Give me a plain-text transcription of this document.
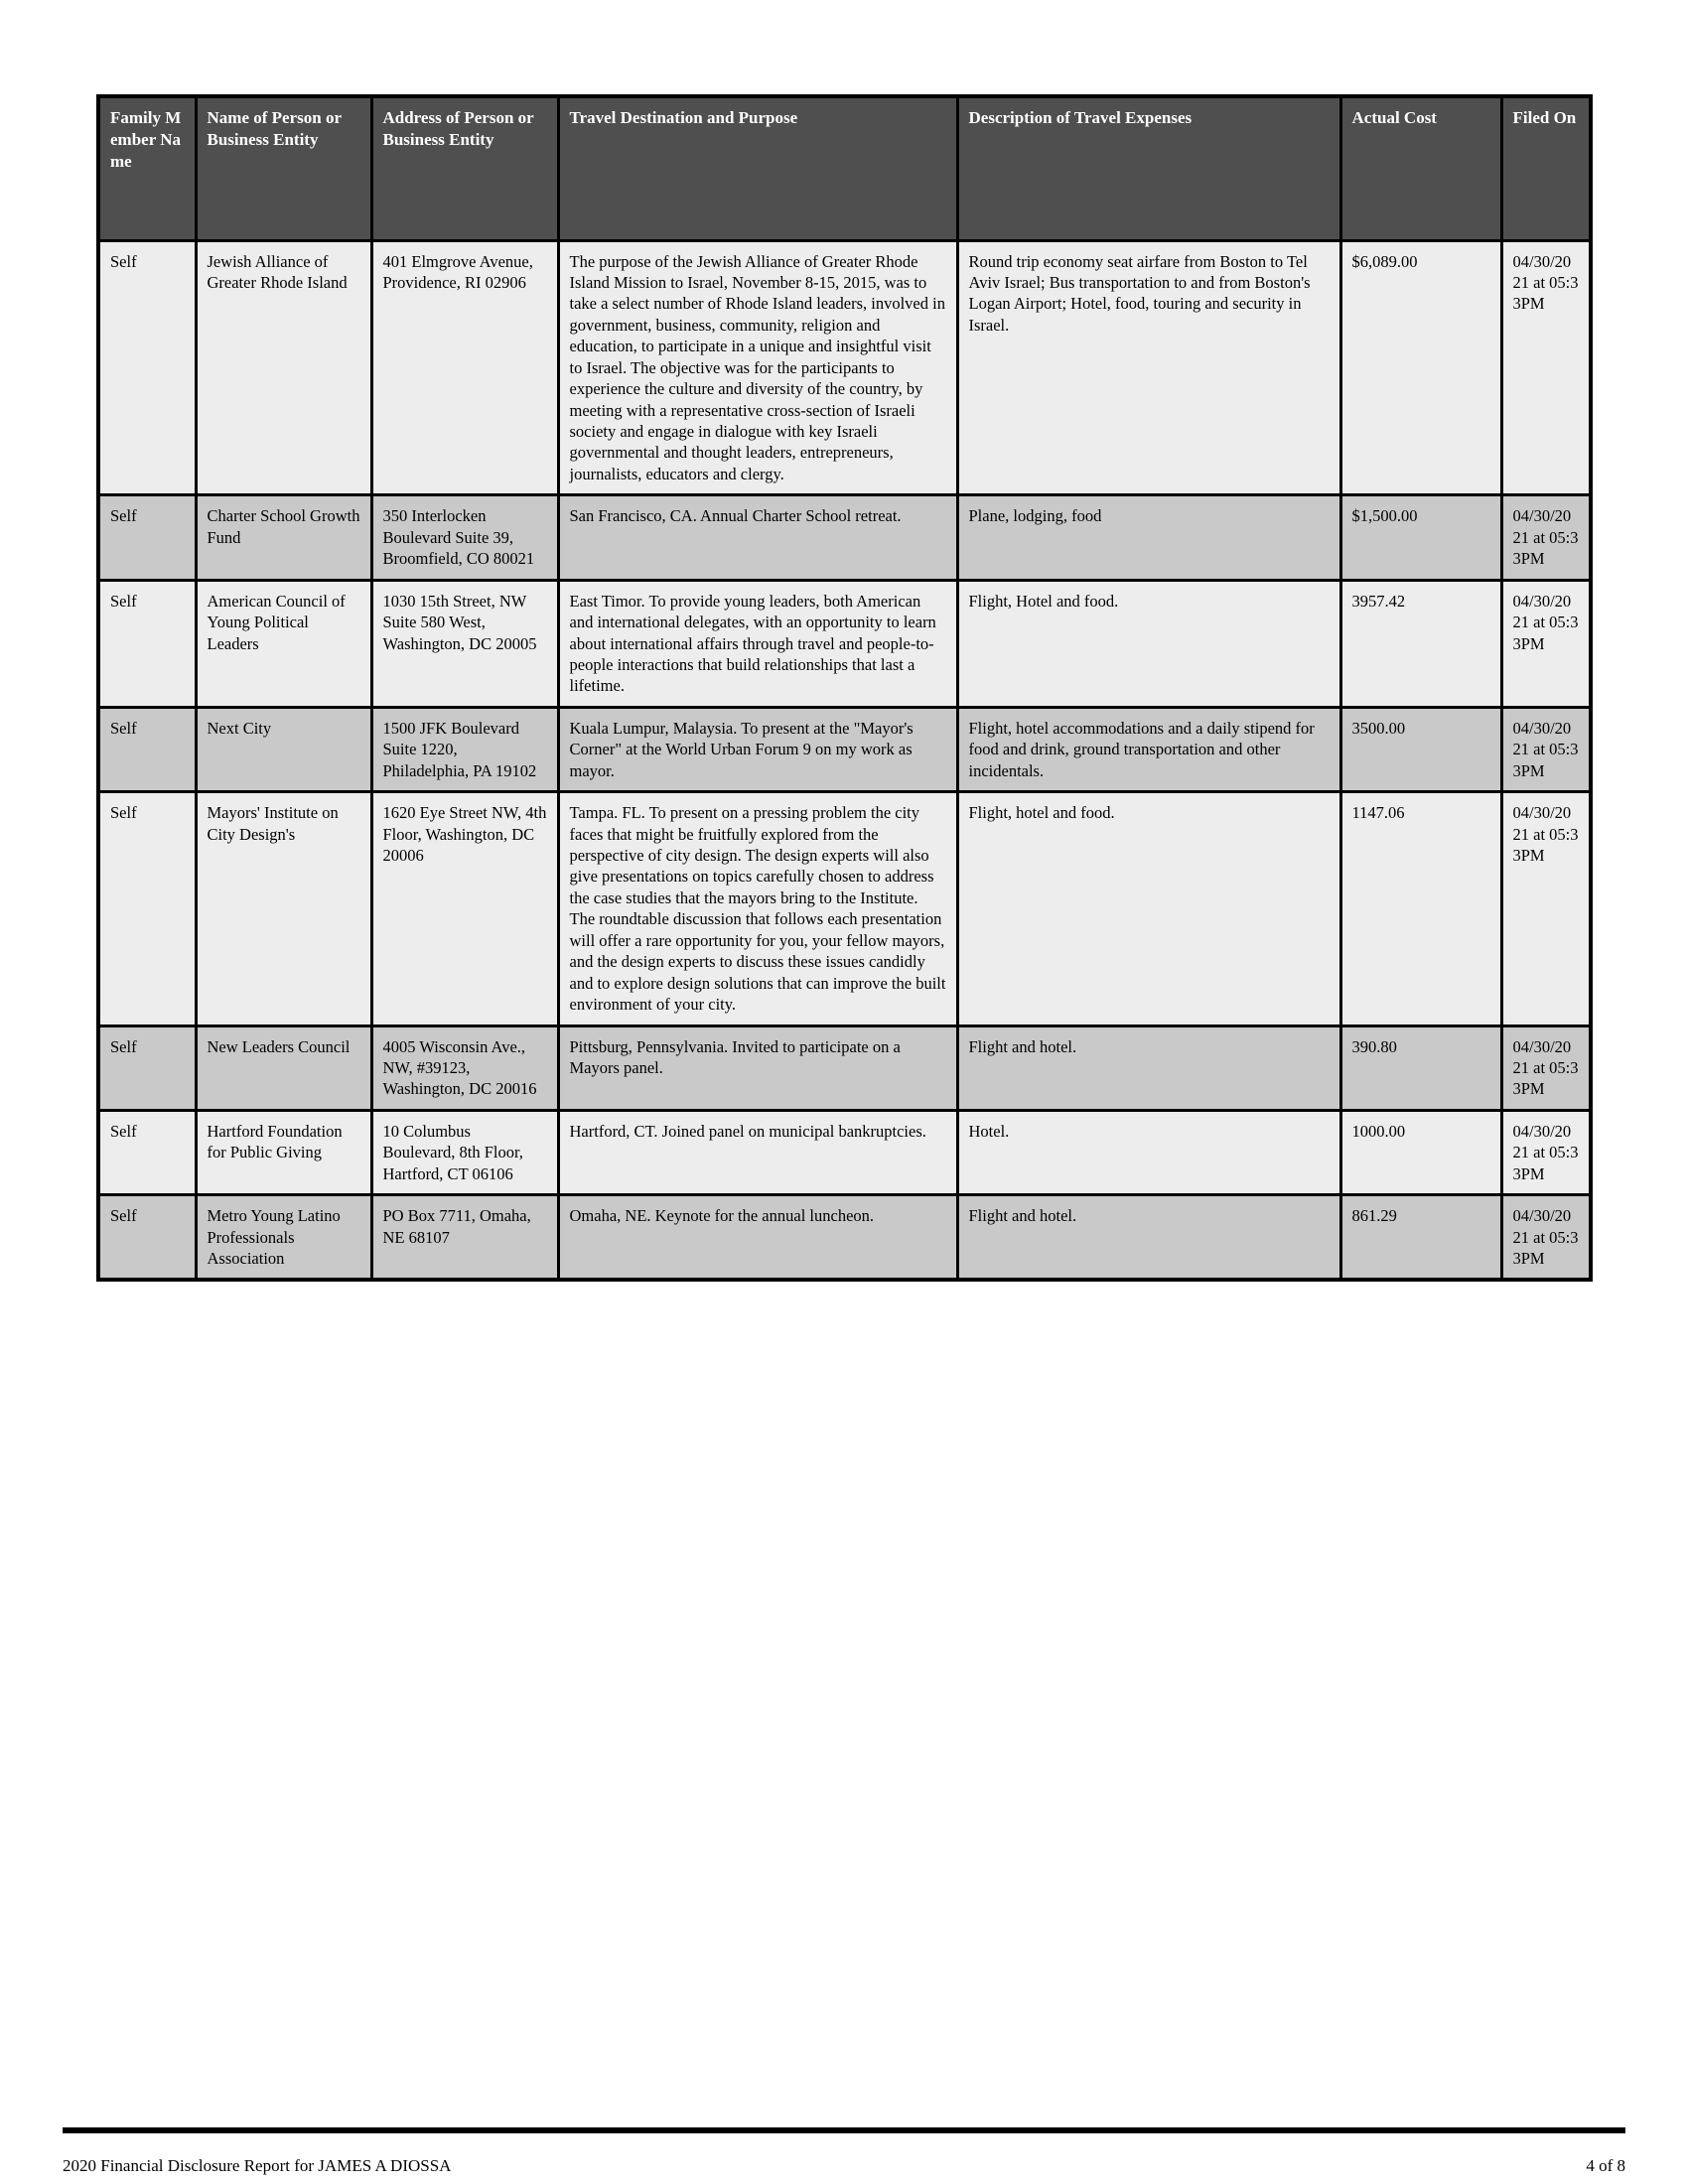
Family Member Name	Name of Person or Business Entity	Address of Person or Business Entity	Travel Destination and Purpose	Description of Travel Expenses	Actual Cost	Filed On
Self	Jewish Alliance of Greater Rhode Island	401 Elmgrove Avenue, Providence, RI 02906	The purpose of the Jewish Alliance of Greater Rhode Island Mission to Israel, November 8-15, 2015, was to take a select number of Rhode Island leaders, involved in government, business, community, religion and education, to participate in a unique and insightful visit to Israel. The objective was for the participants to experience the culture and diversity of the country, by meeting with a representative cross-section of Israeli society and engage in dialogue with key Israeli governmental and thought leaders, entrepreneurs, journalists, educators and clergy.	Round trip economy seat airfare from Boston to Tel Aviv Israel; Bus transportation to and from Boston's Logan Airport; Hotel, food, touring and security in Israel.	$6,089.00	04/30/2021 at 05:33PM
Self	Charter School Growth Fund	350 Interlocken Boulevard Suite 39, Broomfield, CO 80021	San Francisco, CA. Annual Charter School retreat.	Plane, lodging, food	$1,500.00	04/30/2021 at 05:33PM
Self	American Council of Young Political Leaders	1030 15th Street, NW Suite 580 West, Washington, DC 20005	East Timor. To provide young leaders, both American and international delegates, with an opportunity to learn about international affairs through travel and people-to-people interactions that build relationships that last a lifetime.	Flight, Hotel and food.	3957.42	04/30/2021 at 05:33PM
Self	Next City	1500 JFK Boulevard Suite 1220, Philadelphia, PA 19102	Kuala Lumpur, Malaysia. To present at the "Mayor's Corner" at the World Urban Forum 9 on my work as mayor.	Flight, hotel accommodations and a daily stipend for food and drink, ground transportation and other incidentals.	3500.00	04/30/2021 at 05:33PM
Self	Mayors' Institute on City Design's	1620 Eye Street NW, 4th Floor, Washington, DC 20006	Tampa. FL. To present on a pressing problem the city faces that might be fruitfully explored from the perspective of city design. The design experts will also give presentations on topics carefully chosen to address the case studies that the mayors bring to the Institute. The roundtable discussion that follows each presentation will offer a rare opportunity for you, your fellow mayors, and the design experts to discuss these issues candidly and to explore design solutions that can improve the built environment of your city.	Flight, hotel and food.	1147.06	04/30/2021 at 05:33PM
Self	New Leaders Council	4005 Wisconsin Ave., NW, #39123, Washington, DC 20016	Pittsburg, Pennsylvania. Invited to participate on a Mayors panel.	Flight and hotel.	390.80	04/30/2021 at 05:33PM
Self	Hartford Foundation for Public Giving	10 Columbus Boulevard, 8th Floor, Hartford, CT 06106	Hartford, CT. Joined panel on municipal bankruptcies.	Hotel.	1000.00	04/30/2021 at 05:33PM
Self	Metro Young Latino Professionals Association	PO Box 7711, Omaha, NE 68107	Omaha, NE. Keynote for the annual luncheon.	Flight and hotel.	861.29	04/30/2021 at 05:33PM
2020 Financial Disclosure Report for JAMES A DIOSSA	4 of 8
